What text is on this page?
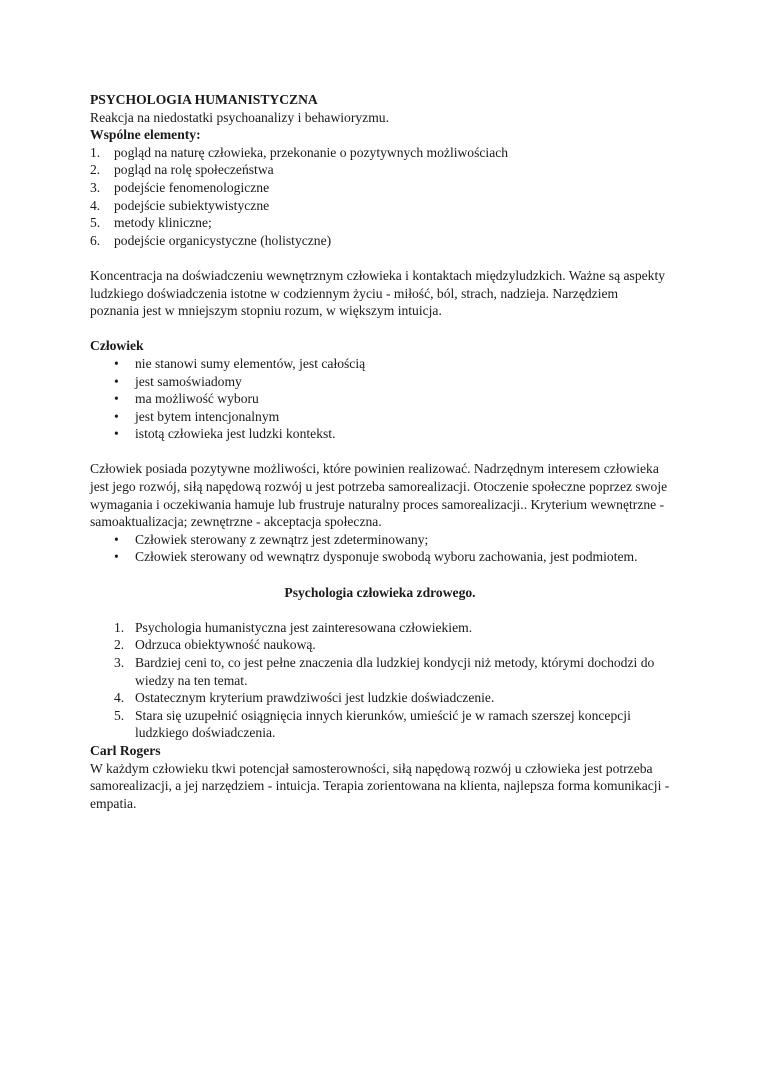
PSYCHOLOGIA HUMANISTYCZNA

Reakcja na niedostatki psychoanalizy i behawioryzmu.

Wspólne elementy:

1. pogląd na naturę człowieka, przekonanie o pozytywnych możliwościach
2. pogląd na rolę społeczeństwa
3. podejście fenomenologiczne
4. podejście subiektywistyczne
5. metody kliniczne;
6. podejście organicystyczne (holistyczne)

Koncentracja na doświadczeniu wewnętrznym człowieka i kontaktach międzyludzkich. Ważne są aspekty ludzkiego doświadczenia istotne w codziennym życiu - miłość, ból, strach, nadzieja. Narzędziem poznania jest w mniejszym stopniu rozum, w większym intuicja.

Człowiek

• nie stanowi sumy elementów, jest całością
• jest samoświadomy
• ma możliwość wyboru
• jest bytem intencjonalnym
• istotą człowieka jest ludzki kontekst.

Człowiek posiada pozytywne możliwości, które powinien realizować. Nadrzędnym interesem człowieka jest jego rozwój, siłą napędową rozwój u jest potrzeba samorealizacji. Otoczenie społeczne poprzez swoje wymagania i oczekiwania hamuje lub frustruje naturalny proces samorealizacji.. Kryterium wewnętrzne - samoaktualizacja; zewnętrzne - akceptacja społeczna.

• Człowiek sterowany z zewnątrz jest zdeterminowany;
• Człowiek sterowany od wewnątrz dysponuje swobodą wyboru zachowania, jest podmiotem.

Psychologia człowieka zdrowego.

1. Psychologia humanistyczna jest zainteresowana człowiekiem.
2. Odrzuca obiektywność naukową.
3. Bardziej ceni to, co jest pełne znaczenia dla ludzkiej kondycji niż metody, którymi dochodzi do wiedzy na ten temat.
4. Ostatecznym kryterium prawdziwości jest ludzkie doświadczenie.
5. Stara się uzupełnić osiągnięcia innych kierunków, umieścić je w ramach szerszej koncepcji ludzkiego doświadczenia.

Carl Rogers

W każdym człowieku tkwi potencjał samosterowności, siłą napędową rozwój u człowieka jest potrzeba samorealizacji, a jej narzędziem - intuicja. Terapia zorientowana na klienta, najlepsza forma komunikacji - empatia.
